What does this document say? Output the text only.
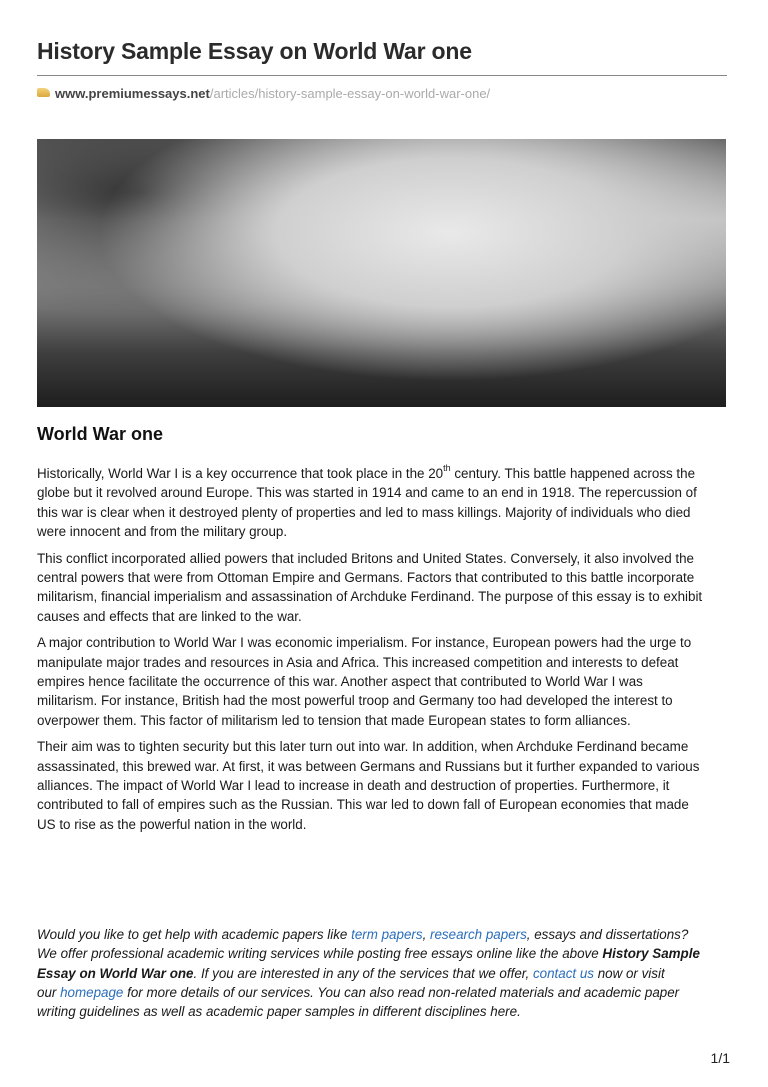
History Sample Essay on World War one
www.premiumessays.net/articles/history-sample-essay-on-world-war-one/
World War one

Historically, World War I is a key occurrence that took place in the 20th century. This battle happened across the
globe but it revolved around Europe. This was started in 1914 and came to an end in 1918. The repercussion of
this war is clear when it destroyed plenty of properties and led to mass killings. Majority of individuals who died
were innocent and from the military group.

This conflict incorporated allied powers that included Britons and United States. Conversely, it also involved the
central powers that were from Ottoman Empire and Germans. Factors that contributed to this battle incorporate
militarism, financial imperialism and assassination of Archduke Ferdinand. The purpose of this essay is to exhibit
causes and effects that are linked to the war.

A major contribution to World War I was economic imperialism. For instance, European powers had the urge to
manipulate major trades and resources in Asia and Africa. This increased competition and interests to defeat
empires hence facilitate the occurrence of this war. Another aspect that contributed to World War I was
militarism. For instance, British had the most powerful troop and Germany too had developed the interest to
overpower them. This factor of militarism led to tension that made European states to form alliances.

Their aim was to tighten security but this later turn out into war. In addition, when Archduke Ferdinand became
assassinated, this brewed war. At first, it was between Germans and Russians but it further expanded to various
alliances. The impact of World War I lead to increase in death and destruction of properties. Furthermore, it
contributed to fall of empires such as the Russian. This war led to down fall of European economies that made
US to rise as the powerful nation in the world.

Would you like to get help with academic papers like term papers, research papers, essays and dissertations?
We offer professional academic writing services while posting free essays online like the above History Sample
Essay on World War one. If you are interested in any of the services that we offer, contact us now or visit
our homepage for more details of our services. You can also read non-related materials and academic paper
writing guidelines as well as academic paper samples in different disciplines here.
1/1
